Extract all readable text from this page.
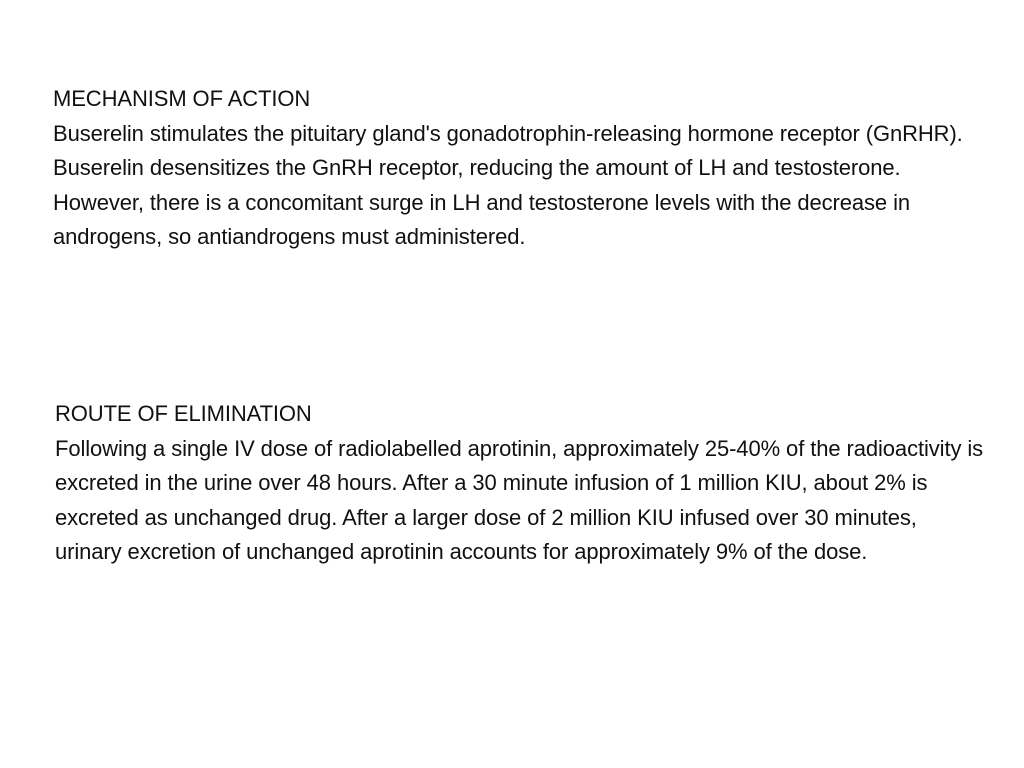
MECHANISM OF ACTION
Buserelin stimulates the pituitary gland's gonadotrophin-releasing hormone receptor (GnRHR). Buserelin desensitizes the GnRH receptor, reducing the amount of LH and testosterone. However, there is a concomitant surge in LH and testosterone levels with the decrease in androgens, so antiandrogens must administered.
ROUTE OF ELIMINATION
Following a single IV dose of radiolabelled aprotinin, approximately 25-40% of the radioactivity is excreted in the urine over 48 hours. After a 30 minute infusion of 1 million KIU, about 2% is excreted as unchanged drug. After a larger dose of 2 million KIU infused over 30 minutes, urinary excretion of unchanged aprotinin accounts for approximately 9% of the dose.
